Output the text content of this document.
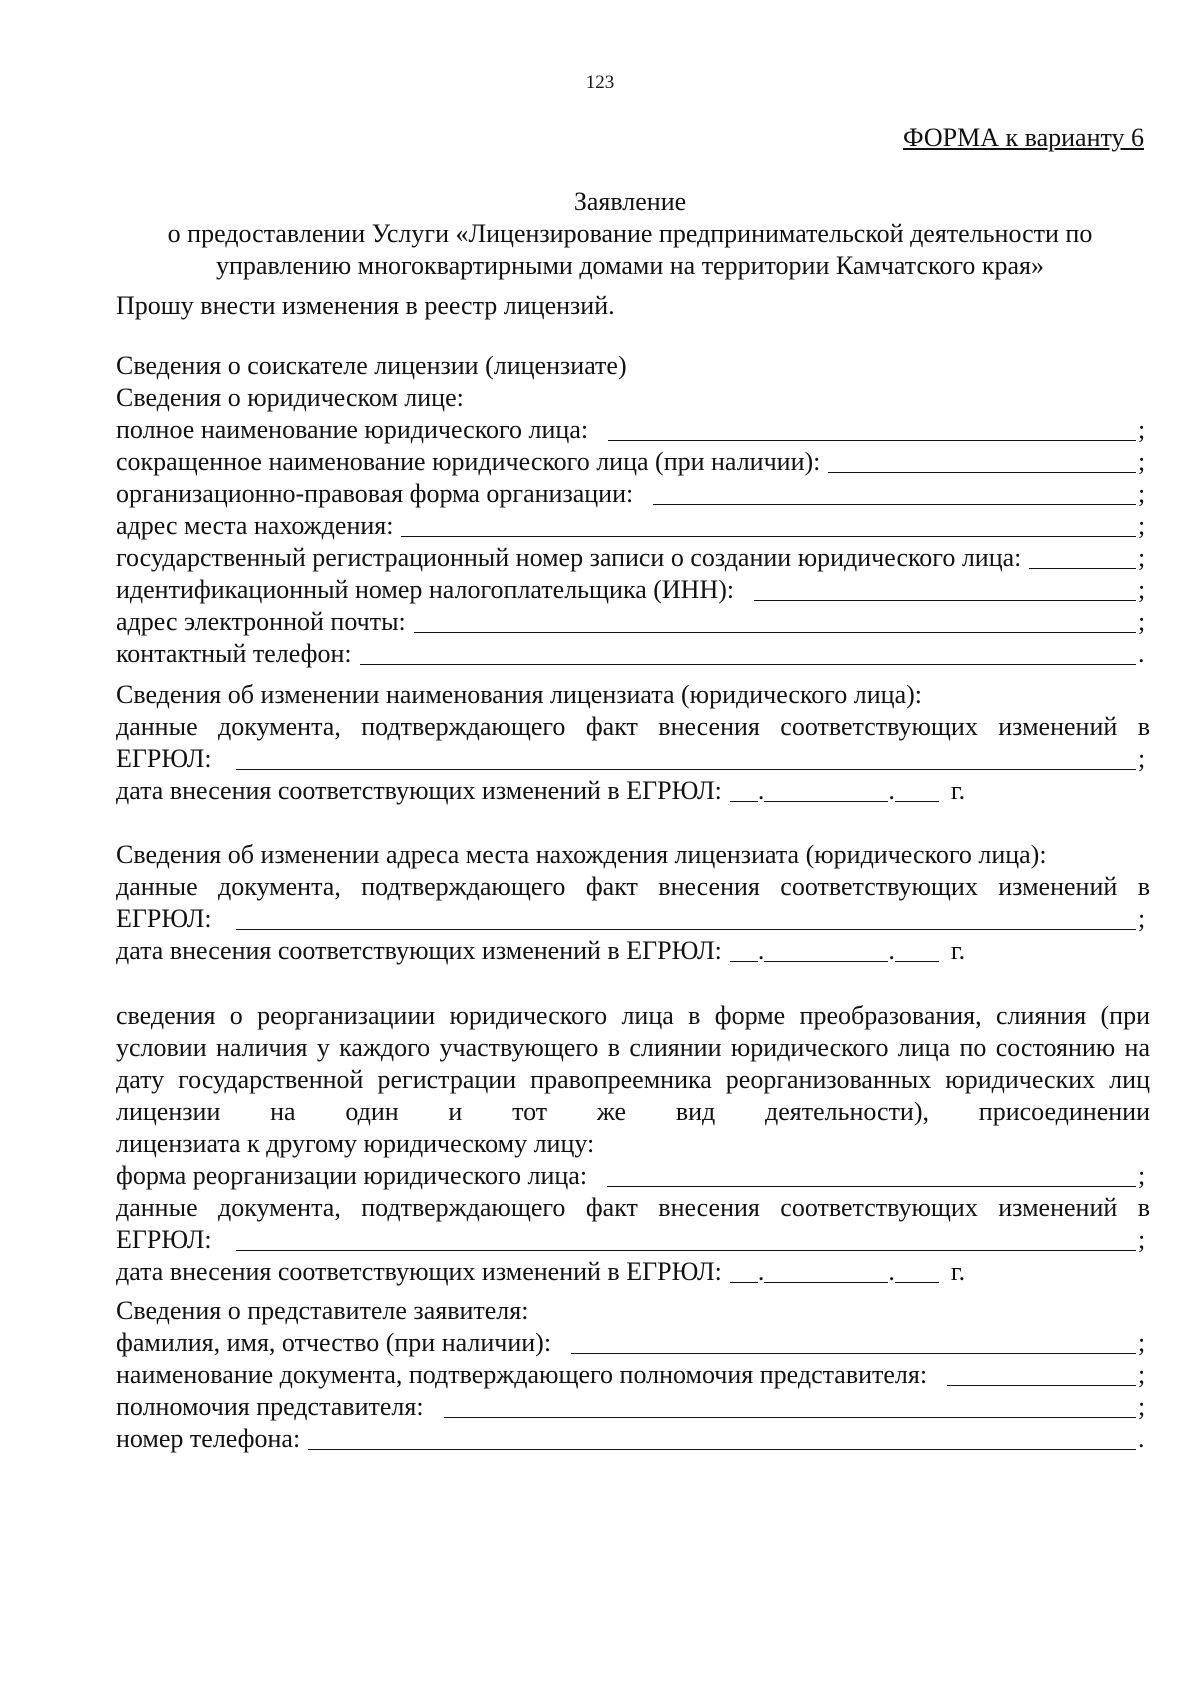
123
ФОРМА к варианту 6
Заявление
о предоставлении Услуги «Лицензирование предпринимательской деятельности по
управлению многоквартирными домами на территории Камчатского края»
Прошу внести изменения в реестр лицензий.
Сведения о соискателе лицензии (лицензиате)
Сведения о юридическом лице:
полное наименование юридического лица:	;
сокращенное наименование юридического лица (при наличии):	;
организационно-правовая форма организации:	;
адрес места нахождения:	;
государственный регистрационный номер записи о создании юридического лица:	;
идентификационный номер налогоплательщика (ИНН):	;
адрес электронной почты:	;
контактный телефон:	.
Сведения об изменении наименования лицензиата (юридического лица):
данные документа, подтверждающего факт внесения соответствующих изменений в
ЕГРЮЛ:	;
дата внесения соответствующих изменений в ЕГРЮЛ: .	. г.
Сведения об изменении адреса места нахождения лицензиата (юридического лица):
данные документа, подтверждающего факт внесения соответствующих изменений в
ЕГРЮЛ:	;
дата внесения соответствующих изменений в ЕГРЮЛ: .	. г.
сведения о реорганизациии юридического лица в форме преобразования, слияния (при условии наличия у каждого участвующего в слиянии юридического лица по состоянию на дату государственной регистрации правопреемника реорганизованных юридических лиц лицензии на один и тот же вид деятельности), присоединении
лицензиата к другому юридическому лицу:
форма реорганизации юридического лица:	;
данные документа, подтверждающего факт внесения соответствующих изменений в
ЕГРЮЛ:	;
дата внесения соответствующих изменений в ЕГРЮЛ: .	. г.
Сведения о представителе заявителя:
фамилия, имя, отчество (при наличии):	;
наименование документа, подтверждающего полномочия представителя:	;
полномочия представителя:	;
номер телефона:	.
